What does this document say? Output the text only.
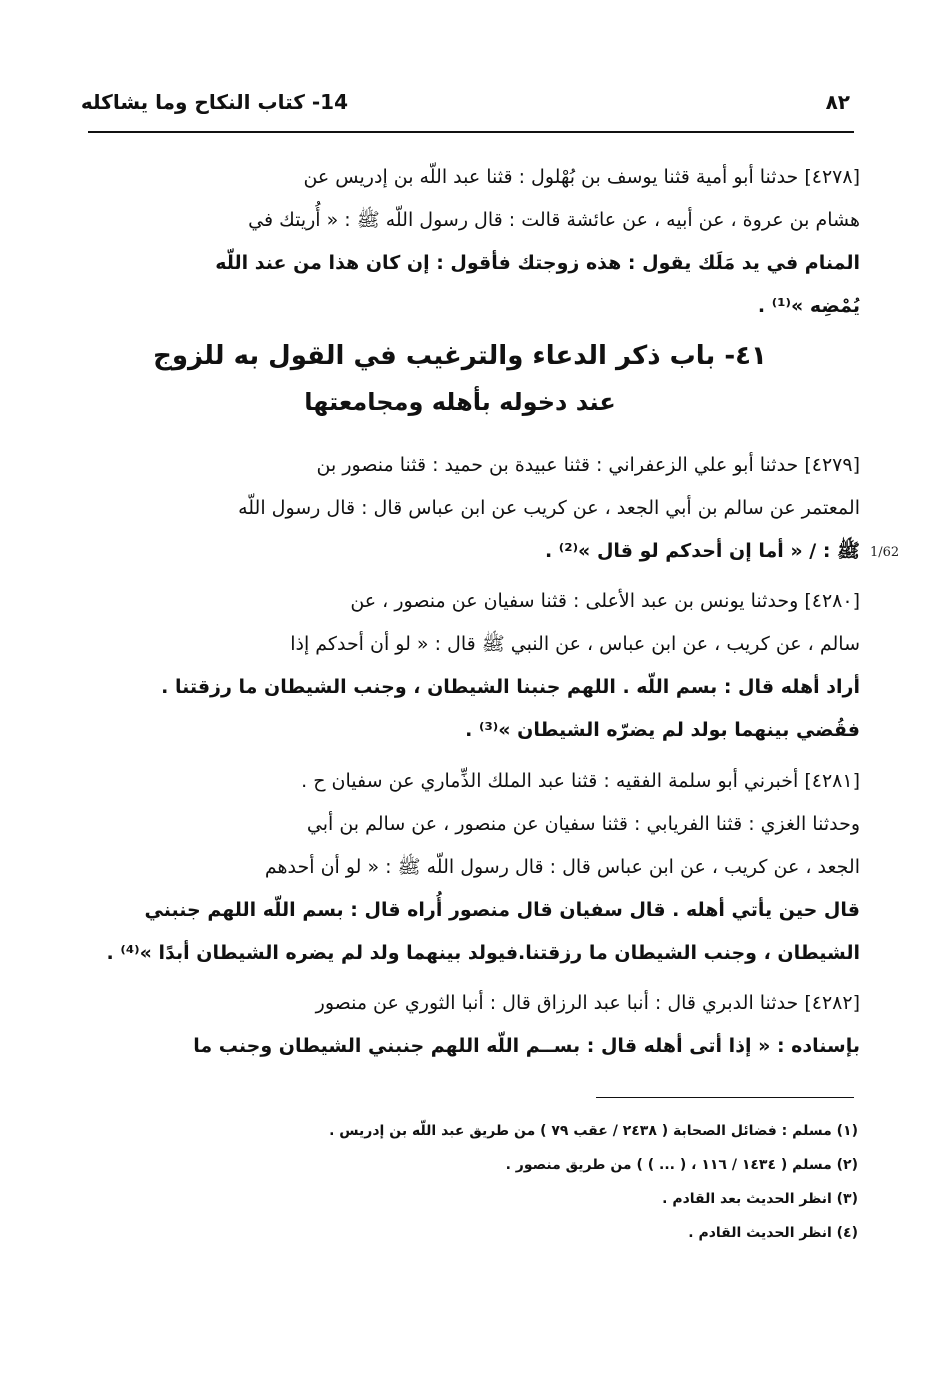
٨٢
14- كتاب النكاح وما يشاكله
[٤٢٧٨] حدثنا أبو أمية قثنا يوسف بن بُهْلول : قثنا عبد اللّه بن إدريس عن
هشام بن عروة ، عن أبيه ، عن عائشة قالت : قال رسول اللّه ﷺ : « أُريتك في
المنام في يد مَلَك يقول : هذه زوجتك فأقول : إن كان هذا من عند اللّه
يُمْضِه »⁽¹⁾ .
٤١- باب ذكر الدعاء والترغيب في القول به للزوج
عند دخوله بأهله ومجامعتها
[٤٢٧٩] حدثنا أبو علي الزعفراني : قثنا عبيدة بن حميد : قثنا منصور بن
المعتمر عن سالم بن أبي الجعد ، عن كريب عن ابن عباس قال : قال رسول اللّه
ﷺ : / « أما إن أحدكم لو قال »⁽²⁾ . 1/62
[٤٢٨٠] وحدثنا يونس بن عبد الأعلى : قثنا سفيان عن منصور ، عن
سالم ، عن كريب ، عن ابن عباس ، عن النبي ﷺ قال : « لو أن أحدكم إذا
أراد أهله قال : بسم اللّه . اللهم جنبنا الشيطان ، وجنب الشيطان ما رزقتنا .
فقُضي بينهما بولد لم يضرّه الشيطان »⁽³⁾ .
[٤٢٨١] أخبرني أبو سلمة الفقيه : قثنا عبد الملك الذِّماري عن سفيان ح .
وحدثنا الغزي : قثنا الفريابي : قثنا سفيان عن منصور ، عن سالم بن أبي
الجعد ، عن كريب ، عن ابن عباس قال : قال رسول اللّه ﷺ : « لو أن أحدهم
قال حين يأتي أهله . قال سفيان قال منصور أُراه قال : بسم اللّه اللهم جنبني
الشيطان ، وجنب الشيطان ما رزقتنا.فيولد بينهما ولد لم يضره الشيطان أبدًا »⁽⁴⁾ .
[٤٢٨٢] حدثنا الدبري قال : أنبا عبد الرزاق قال : أنبا الثوري عن منصور
بإسناده : « إذا أتى أهله قال : بســم اللّه اللهم جنبني الشيطان وجنب ما
(١) مسلم : فضائل الصحابة ( ٢٤٣٨ / عقب ٧٩ ) من طريق عبد اللّه بن إدريس .
(٢) مسلم ( ١٤٣٤ / ١١٦ ، ( ... ) ) من طريق منصور .
(٣) انظر الحديث بعد القادم .
(٤) انظر الحديث القادم .
